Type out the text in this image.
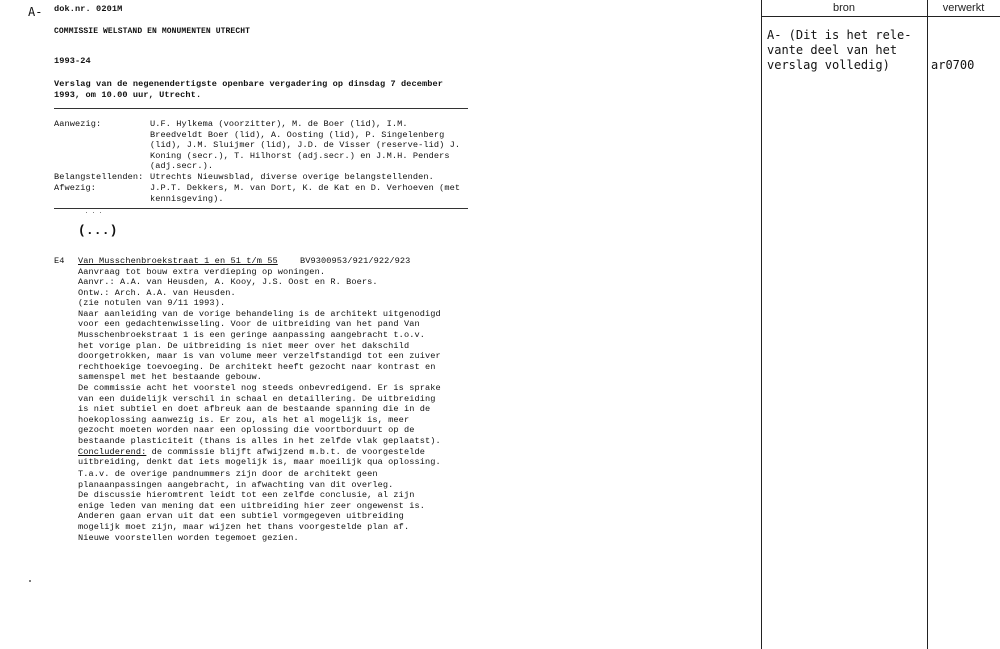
A- dok.nr. 0201M
COMMISSIE WELSTAND EN MONUMENTEN UTRECHT
1993-24
Verslag van de negenendertigste openbare vergadering op dinsdag 7 december
1993, om 10.00 uur, Utrecht.
Aanwezig:	U.F. Hylkema (voorzitter), M. de Boer (lid), I.M.
Breedveldt Boer (lid), A. Oosting (lid), P. Singelenberg
(lid), J.M. Sluijmer (lid), J.D. de Visser (reserve-lid) J.
Koning (secr.), T. Hilhorst (adj.secr.) en J.M.H. Penders
(adj.secr.).
Belangstellenden: Utrechts Nieuwsblad, diverse overige belangstellenden.
Afwezig:	J.P.T. Dekkers, M. van Dort, K. de Kat en D. Verhoeven (met
kennisgeving).
(...)
E4 Van Musschenbroekstraat 1 en 51 t/m 55	BV9300953/921/922/923
Aanvraag tot bouw extra verdieping op woningen.
Aanvr.: A.A. van Heusden, A. Kooy, J.S. Oost en R. Boers.
Ontw.: Arch. A.A. van Heusden.
(zie notulen van 9/11 1993).
Naar aanleiding van de vorige behandeling is de architekt uitgenodigd
voor een gedachtenwisseling. Voor de uitbreiding van het pand Van
Musschenbroekstraat 1 is een geringe aanpassing aangebracht t.o.v.
het vorige plan. De uitbreiding is niet meer over het dakschild
doorgetrokken, maar is van volume meer verzelfstandigd tot een zuiver
rechthoekige toevoeging. De architekt heeft gezocht naar kontrast en
samenspel met het bestaande gebouw.
De commissie acht het voorstel nog steeds onbevredigend. Er is sprake
van een duidelijk verschil in schaal en detaillering. De uitbreiding
is niet subtiel en doet afbreuk aan de bestaande spanning die in de
hoekoplossing aanwezig is. Er zou, als het al mogelijk is, meer
gezocht moeten worden naar een oplossing die voortborduurt op de
bestaande plasticiteit (thans is alles in het zelfde vlak geplaatst).
Concluderend: de commissie blijft afwijzend m.b.t. de voorgestelde
uitbreiding, denkt dat iets mogelijk is, maar moeilijk qua oplossing.
T.a.v. de overige pandnummers zijn door de architekt geen
planaanpassingen aangebracht, in afwachting van dit overleg.
De discussie hieromtrent leidt tot een zelfde conclusie, al zijn
enige leden van mening dat een uitbreiding hier zeer ongewenst is.
Anderen gaan ervan uit dat een subtiel vormgegeven uitbreiding
mogelijk moet zijn, maar wijzen het thans voorgestelde plan af.
Nieuwe voorstellen worden tegemoet gezien.
bron	verwerkt
A- (Dit is het rele-
vante deel van het
verslag volledig)	ar0700
